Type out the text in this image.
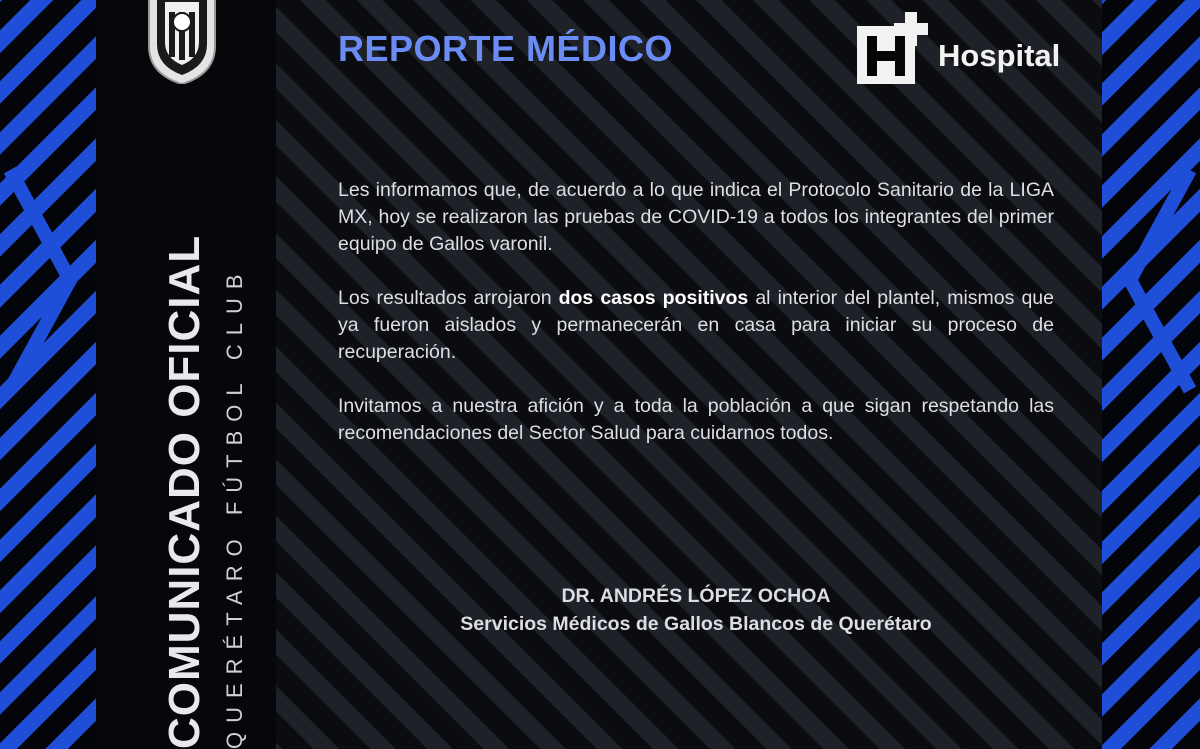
COMUNICADO OFICIAL QUERÉTARO FÚTBOL CLUB
REPORTE MÉDICO	Hospital

Les informamos que, de acuerdo a lo que indica el Protocolo Sanitario de la LIGA MX, hoy se realizaron las pruebas de COVID-19 a todos los integrantes del primer equipo de Gallos varonil.

Los resultados arrojaron dos casos positivos al interior del plantel, mismos que ya fueron aislados y permanecerán en casa para iniciar su proceso de recuperación.

Invitamos a nuestra afición y a toda la población a que sigan respetando las recomendaciones del Sector Salud para cuidarnos todos.

DR. ANDRÉS LÓPEZ OCHOA
Servicios Médicos de Gallos Blancos de Querétaro
